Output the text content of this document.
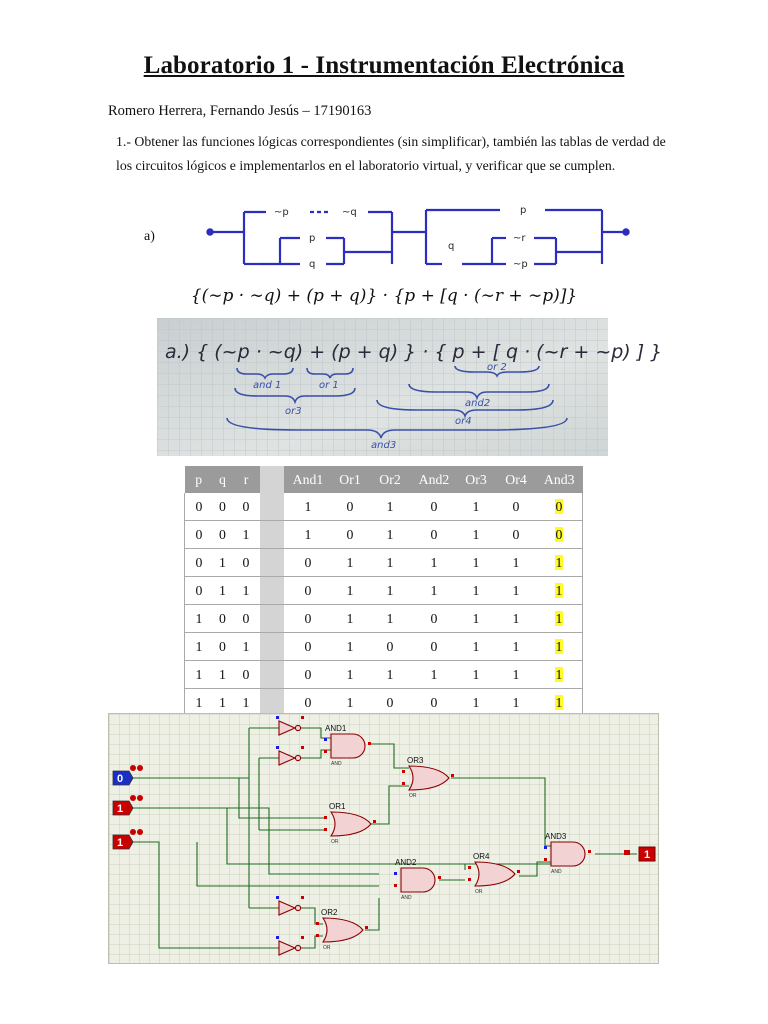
Laboratorio 1 - Instrumentación Electrónica
Romero Herrera, Fernando Jesús – 17190163
1.- Obtener las funciones lógicas correspondientes (sin simplificar), también las tablas de verdad de
los circuitos lógicos e implementarlos en el laboratorio virtual, y verificar que se cumplen.
a)
~p	~q
p
q
p
q
~r
~p
{(∼p · ∼q) + (p + q)} · {p + [q · (∼r + ∼p)]}
a.) { (~p · ~q) + (p + q) } · { p + [ q · (~r + ~p) ] }
and 1	or 1
or3
or 2
and2
or4
and3
p	q	r		And1	Or1	Or2	And2	Or3	Or4	And3
0	0	0		1	0	1	0	1	0	0
0	0	1		1	0	1	0	1	0	0
0	1	0		0	1	1	1	1	1	1
0	1	1		0	1	1	1	1	1	1
1	0	0		0	1	1	0	1	1	1
1	0	1		0	1	0	0	1	1	1
1	1	0		0	1	1	1	1	1	1
1	1	1		0	1	0	0	1	1	1
AND1
AND
OR1
OR
OR3
OR
AND2
AND
OR4
OR
OR2
OR
AND3
AND
0
1
1
1
